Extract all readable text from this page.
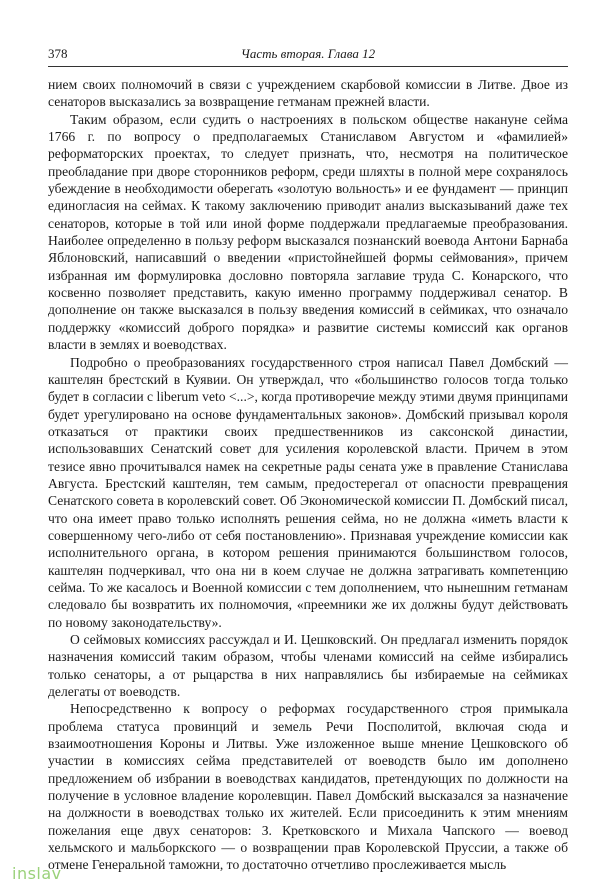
378	Часть вторая. Глава 12

нием своих полномочий в связи с учреждением скарбовой комиссии в Литве. Двое из сенаторов высказались за возвращение гетманам прежней власти.

Таким образом, если судить о настроениях в польском обществе накануне сейма 1766 г. по вопросу о предполагаемых Станиславом Августом и «фамилией» реформаторских проектах, то следует признать, что, несмотря на политическое преобладание при дворе сторонников реформ, среди шляхты в полной мере сохранялось убеждение в необходимости оберегать «золотую вольность» и ее фундамент — принцип единогласия на сеймах. К такому заключению приводит анализ высказываний даже тех сенаторов, которые в той или иной форме поддержали предлагаемые преобразования. Наиболее определенно в пользу реформ высказался познанский воевода Антони Барнаба Яблоновский, написавший о введении «пристойнейшей формы сеймования», причем избранная им формулировка дословно повторяла заглавие труда С. Конарского, что косвенно позволяет представить, какую именно программу поддерживал сенатор. В дополнение он также высказался в пользу введения комиссий в сеймиках, что означало поддержку «комиссий доброго порядка» и развитие системы комиссий как органов власти в землях и воеводствах.

Подробно о преобразованиях государственного строя написал Павел Домбский — каштелян брестский в Куявии. Он утверждал, что «большинство голосов тогда только будет в согласии с liberum veto <...>, когда противоречие между этими двумя принципами будет урегулировано на основе фундаментальных законов». Домбский призывал короля отказаться от практики своих предшественников из саксонской династии, использовавших Сенатский совет для усиления королевской власти. Причем в этом тезисе явно прочитывался намек на секретные рады сената уже в правление Станислава Августа. Брестский каштелян, тем самым, предостерегал от опасности превращения Сенатского совета в королевский совет. Об Экономической комиссии П. Домбский писал, что она имеет право только исполнять решения сейма, но не должна «иметь власти к совершенному чего-либо от себя постановлению». Признавая учреждение комиссии как исполнительного органа, в котором решения принимаются большинством голосов, каштелян подчеркивал, что она ни в коем случае не должна затрагивать компетенцию сейма. То же касалось и Военной комиссии с тем дополнением, что нынешним гетманам следовало бы возвратить их полномочия, «преемники же их должны будут действовать по новому законодательству».

О сеймовых комиссиях рассуждал и И. Цешковский. Он предлагал изменить порядок назначения комиссий таким образом, чтобы членами комиссий на сейме избирались только сенаторы, а от рыцарства в них направлялись бы избираемые на сеймиках делегаты от воеводств.

Непосредственно к вопросу о реформах государственного строя примыкала проблема статуса провинций и земель Речи Посполитой, включая сюда и взаимоотношения Короны и Литвы. Уже изложенное выше мнение Цешковского об участии в комиссиях сейма представителей от воеводств было им дополнено предложением об избрании в воеводствах кандидатов, претендующих по должности на получение в условное владение королевщин. Павел Домбский высказался за назначение на должности в воеводствах только их жителей. Если присоединить к этим мнениям пожелания еще двух сенаторов: З. Кретковского и Михала Чапского — воевод хельмского и мальборкского — о возвращении прав Королевской Пруссии, а также об отмене Генеральной таможни, то достаточно отчетливо прослеживается мысль

inslav
